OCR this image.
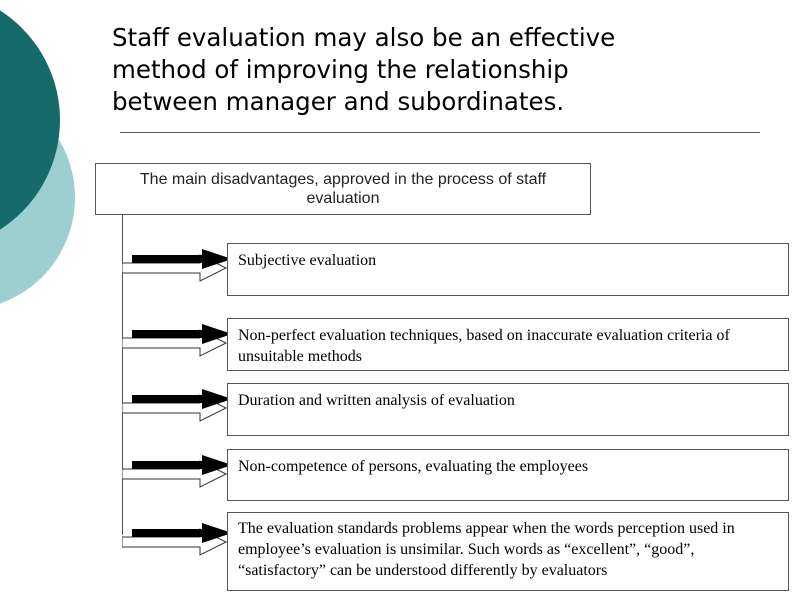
Staff evaluation may also be an effective
method of improving the relationship
between manager and subordinates.
The main disadvantages, approved in the process of staff evaluation
Subjective evaluation
Non-perfect evaluation techniques, based on inaccurate evaluation criteria of unsuitable methods
Duration and written analysis of evaluation
Non-competence of persons, evaluating the employees
The evaluation standards problems appear when the words perception used in employee’s evaluation is unsimilar. Such words as “excellent”, “good”, “satisfactory” can be understood differently by evaluators
